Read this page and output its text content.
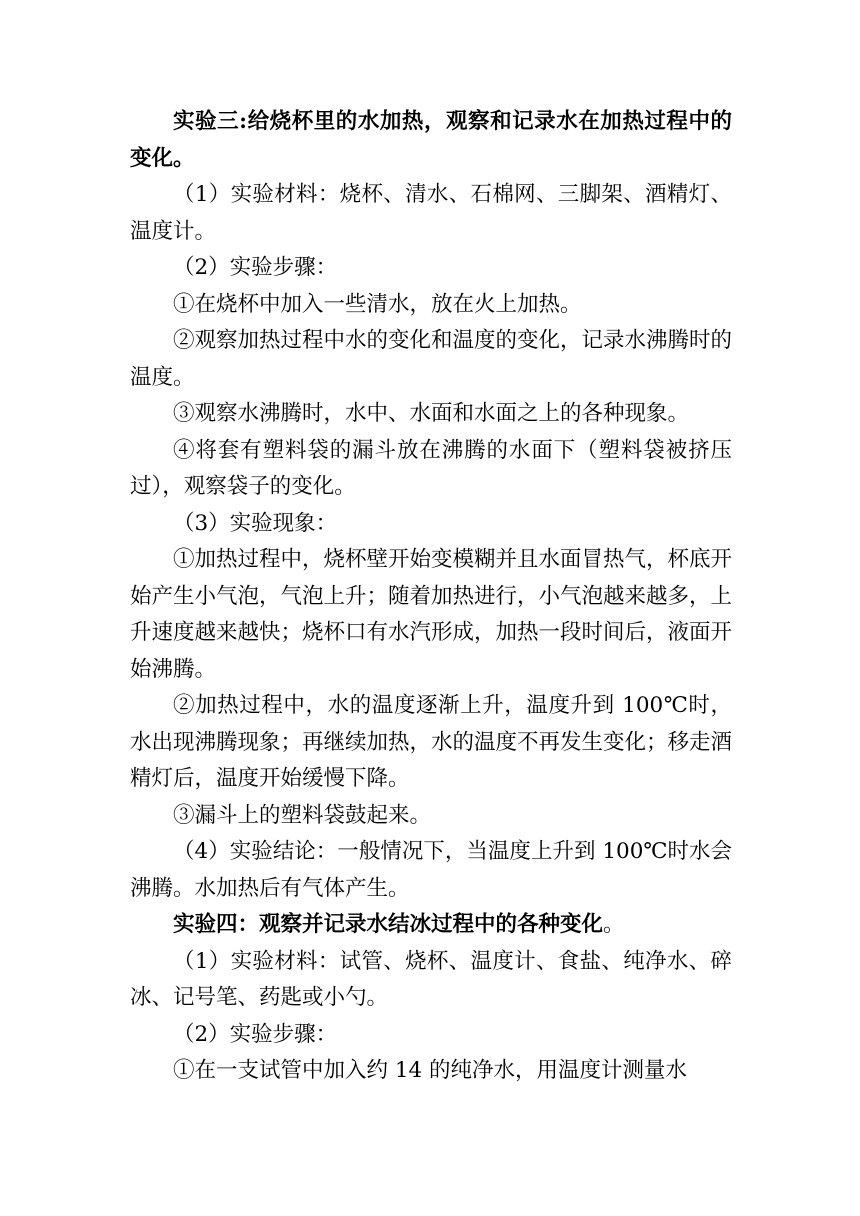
实验三:给烧杯里的水加热，观察和记录水在加热过程中的变化。

（1）实验材料：烧杯、清水、石棉网、三脚架、酒精灯、温度计。

（2）实验步骤：

①在烧杯中加入一些清水，放在火上加热。

②观察加热过程中水的变化和温度的变化，记录水沸腾时的温度。

③观察水沸腾时，水中、水面和水面之上的各种现象。

④将套有塑料袋的漏斗放在沸腾的水面下（塑料袋被挤压过），观察袋子的变化。

（3）实验现象：

①加热过程中，烧杯壁开始变模糊并且水面冒热气，杯底开始产生小气泡，气泡上升；随着加热进行，小气泡越来越多，上升速度越来越快；烧杯口有水汽形成，加热一段时间后，液面开始沸腾。

②加热过程中，水的温度逐渐上升，温度升到 100℃时，水出现沸腾现象；再继续加热，水的温度不再发生变化；移走酒精灯后，温度开始缓慢下降。

③漏斗上的塑料袋鼓起来。

（4）实验结论：一般情况下，当温度上升到 100℃时水会沸腾。水加热后有气体产生。

实验四：观察并记录水结冰过程中的各种变化。

（1）实验材料：试管、烧杯、温度计、食盐、纯净水、碎冰、记号笔、药匙或小勺。

（2）实验步骤：

①在一支试管中加入约 14 的纯净水，用温度计测量水
